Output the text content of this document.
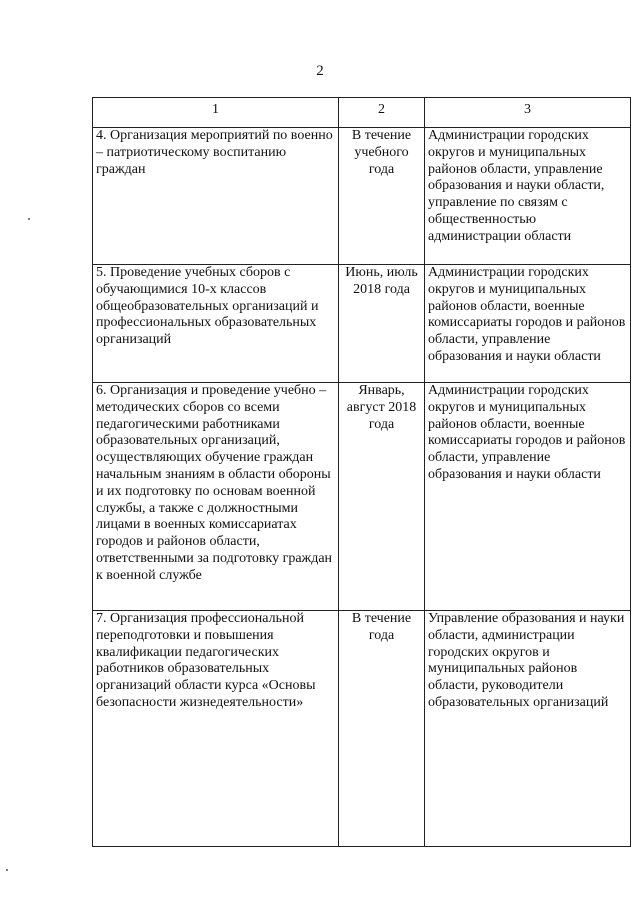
2
1	2	3
4. Организация мероприятий по военно – патриотическому воспитанию граждан	В течение учебного года	Администрации городских округов и муниципальных районов области, управление образования и науки области, управление по связям с общественностью администрации области
5. Проведение учебных сборов с обучающимися 10-х классов общеобразовательных организаций и профессиональных образовательных организаций	Июнь, июль 2018 года	Администрации городских округов и муниципальных районов области, военные комиссариаты городов и районов области, управление образования и науки области
6. Организация и проведение учебно – методических сборов со всеми педагогическими работниками образовательных организаций, осуществляющих обучение граждан начальным знаниям в области обороны и их подготовку по основам военной службы, а также с должностными лицами в военных комиссариатах городов и районов области, ответственными за подготовку граждан к военной службе	Январь, август 2018 года	Администрации городских округов и муниципальных районов области, военные комиссариаты городов и районов области, управление образования и науки области
7. Организация профессиональной переподготовки и повышения квалификации педагогических работников образовательных организаций области курса «Основы безопасности жизнедеятельности»	В течение года	Управление образования и науки области, администрации городских округов и муниципальных районов области, руководители образовательных организаций
